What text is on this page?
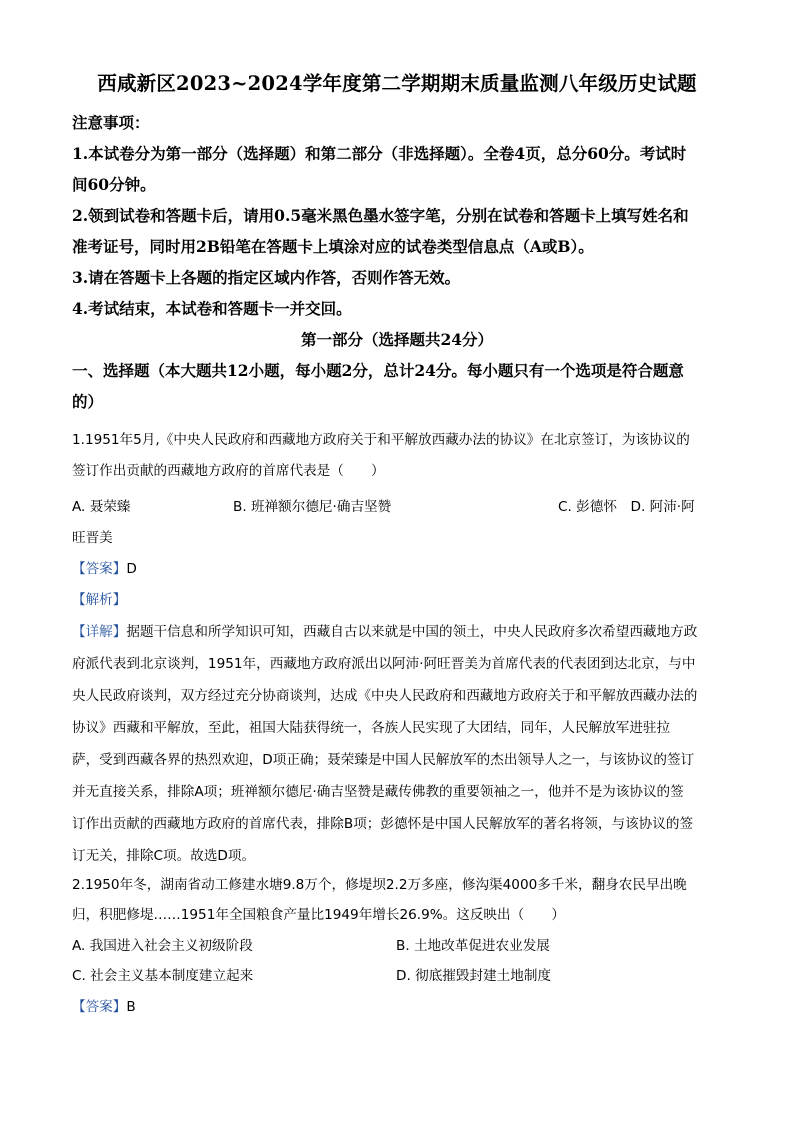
西咸新区2023~2024学年度第二学期期末质量监测八年级历史试题
注意事项：
1.本试卷分为第一部分（选择题）和第二部分（非选择题）。全卷4页，总分60分。考试时
间60分钟。
2.领到试卷和答题卡后，请用0.5毫米黑色墨水签字笔，分别在试卷和答题卡上填写姓名和
准考证号，同时用2B铅笔在答题卡上填涂对应的试卷类型信息点（A或B）。
3.请在答题卡上各题的指定区域内作答，否则作答无效。
4.考试结束，本试卷和答题卡一并交回。
第一部分（选择题共24分）
一、选择题（本大题共12小题，每小题2分，总计24分。每小题只有一个选项是符合题意
的）
1.1951年5月,《中央人民政府和西藏地方政府关于和平解放西藏办法的协议》在北京签订，为该协议的
签订作出贡献的西藏地方政府的首席代表是（　　）
A. 聂荣臻	B. 班禅额尔德尼·确吉坚赞	C. 彭德怀　D. 阿沛·阿
旺晋美
【答案】D
【解析】
【详解】据题干信息和所学知识可知，西藏自古以来就是中国的领土，中央人民政府多次希望西藏地方政
府派代表到北京谈判，1951年，西藏地方政府派出以阿沛·阿旺晋美为首席代表的代表团到达北京，与中
央人民政府谈判，双方经过充分协商谈判，达成《中央人民政府和西藏地方政府关于和平解放西藏办法的
协议》西藏和平解放，至此，祖国大陆获得统一，各族人民实现了大团结，同年，人民解放军进驻拉
萨，受到西藏各界的热烈欢迎，D项正确；聂荣臻是中国人民解放军的杰出领导人之一，与该协议的签订
并无直接关系，排除A项；班禅额尔德尼·确吉坚赞是藏传佛教的重要领袖之一，他并不是为该协议的签
订作出贡献的西藏地方政府的首席代表，排除B项；彭德怀是中国人民解放军的著名将领，与该协议的签
订无关，排除C项。故选D项。
2.1950年冬，湖南省动工修建水塘9.8万个，修堤坝2.2万多座，修沟渠4000多千米，翻身农民早出晚
归，积肥修堤……1951年全国粮食产量比1949年增长26.9%。这反映出（　　）
A. 我国进入社会主义初级阶段	B. 土地改革促进农业发展
C. 社会主义基本制度建立起来	D. 彻底摧毁封建土地制度
【答案】B
